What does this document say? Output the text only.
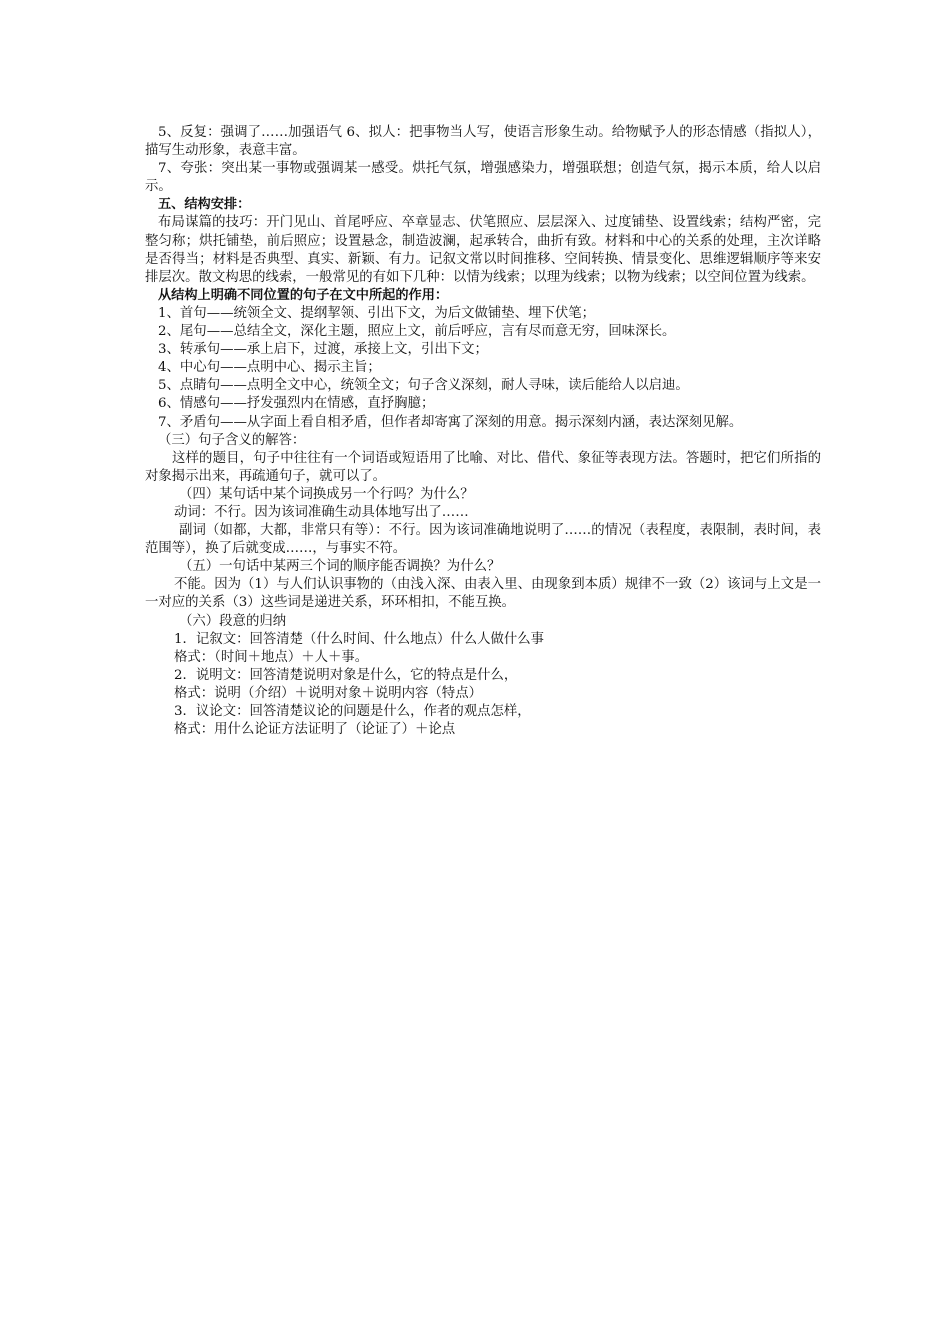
5、反复：强调了……加强语气 6、拟人：把事物当人写，使语言形象生动。给物赋予人的形态情感（指拟人），描写生动形象，表意丰富。

7、夸张：突出某一事物或强调某一感受。烘托气氛，增强感染力，增强联想；创造气氛，揭示本质，给人以启示。

五、结构安排：

布局谋篇的技巧：开门见山、首尾呼应、卒章显志、伏笔照应、层层深入、过度铺垫、设置线索；结构严密，完整匀称；烘托铺垫，前后照应；设置悬念，制造波澜，起承转合，曲折有致。材料和中心的关系的处理，主次详略是否得当；材料是否典型、真实、新颖、有力。记叙文常以时间推移、空间转换、情景变化、思维逻辑顺序等来安排层次。散文构思的线索，一般常见的有如下几种：以情为线索；以理为线索；以物为线索；以空间位置为线索。

从结构上明确不同位置的句子在文中所起的作用：

1、首句——统领全文、提纲挈领、引出下文，为后文做铺垫、埋下伏笔；

2、尾句——总结全文，深化主题，照应上文，前后呼应，言有尽而意无穷，回味深长。

3、转承句——承上启下，过渡，承接上文，引出下文；

4、中心句——点明中心、揭示主旨；

5、点睛句——点明全文中心，统领全文；句子含义深刻，耐人寻味，读后能给人以启迪。

6、情感句——抒发强烈内在情感，直抒胸臆；

7、矛盾句——从字面上看自相矛盾，但作者却寄寓了深刻的用意。揭示深刻内涵，表达深刻见解。

（三）句子含义的解答：

这样的题目，句子中往往有一个词语或短语用了比喻、对比、借代、象征等表现方法。答题时，把它们所指的对象揭示出来，再疏通句子，就可以了。

（四）某句话中某个词换成另一个行吗？为什么？

动词：不行。因为该词准确生动具体地写出了……

副词（如都，大都，非常只有等）：不行。因为该词准确地说明了……的情况（表程度，表限制，表时间，表范围等），换了后就变成……，与事实不符。

（五）一句话中某两三个词的顺序能否调换？为什么？

不能。因为（1）与人们认识事物的（由浅入深、由表入里、由现象到本质）规律不一致（2）该词与上文是一一对应的关系（3）这些词是递进关系，环环相扣，不能互换。

（六）段意的归纳

1．记叙文：回答清楚（什么时间、什么地点）什么人做什么事

格式：（时间＋地点）＋人＋事。

2．说明文：回答清楚说明对象是什么，它的特点是什么，

格式：说明（介绍）＋说明对象＋说明内容（特点）

3．议论文：回答清楚议论的问题是什么，作者的观点怎样，

格式：用什么论证方法证明了（论证了）＋论点
